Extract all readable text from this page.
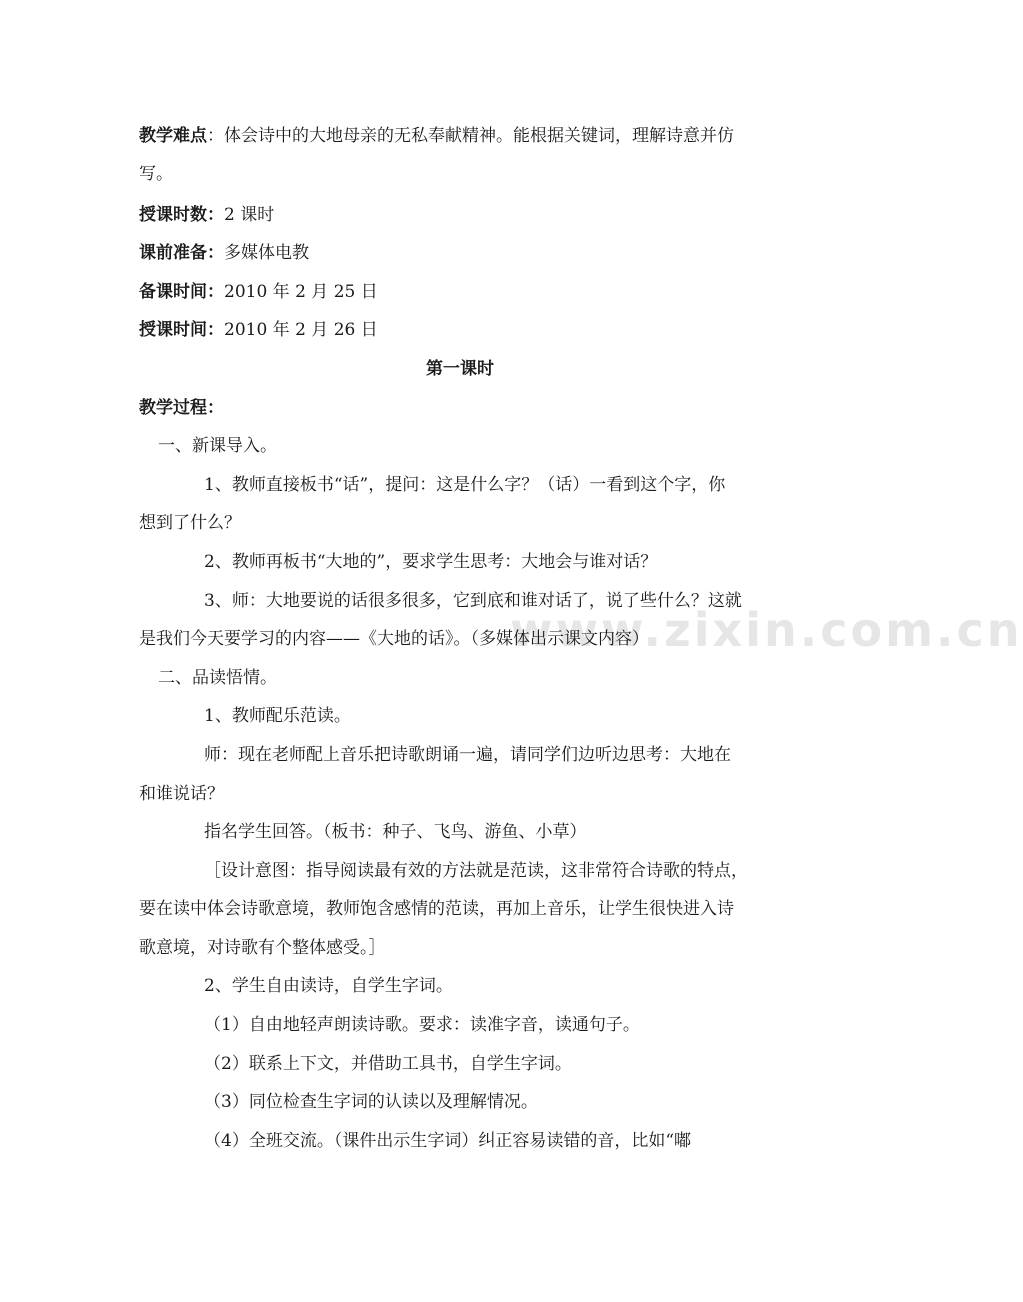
www.zixin.com.cn
教学难点：体会诗中的大地母亲的无私奉献精神。能根据关键词，理解诗意并仿
写。
授课时数：2 课时
课前准备：多媒体电教
备课时间：2010 年 2 月 25 日
授课时间：2010 年 2 月 26 日
第一课时
教学过程：
一、新课导入。
1、教师直接板书“话”，提问：这是什么字？（话）一看到这个字，你
想到了什么？
2、教师再板书“大地的”，要求学生思考：大地会与谁对话？
3、师：大地要说的话很多很多，它到底和谁对话了，说了些什么？这就
是我们今天要学习的内容——《大地的话》。（多媒体出示课文内容）
二、品读悟情。
1、教师配乐范读。
师：现在老师配上音乐把诗歌朗诵一遍，请同学们边听边思考：大地在
和谁说话？
指名学生回答。（板书：种子、飞鸟、游鱼、小草）
［设计意图：指导阅读最有效的方法就是范读，这非常符合诗歌的特点，
要在读中体会诗歌意境，教师饱含感情的范读，再加上音乐，让学生很快进入诗
歌意境，对诗歌有个整体感受。］
2、学生自由读诗，自学生字词。
（1）自由地轻声朗读诗歌。要求：读准字音，读通句子。
（2）联系上下文，并借助工具书，自学生字词。
（3）同位检查生字词的认读以及理解情况。
（4）全班交流。（课件出示生字词）纠正容易读错的音，比如“嘟
